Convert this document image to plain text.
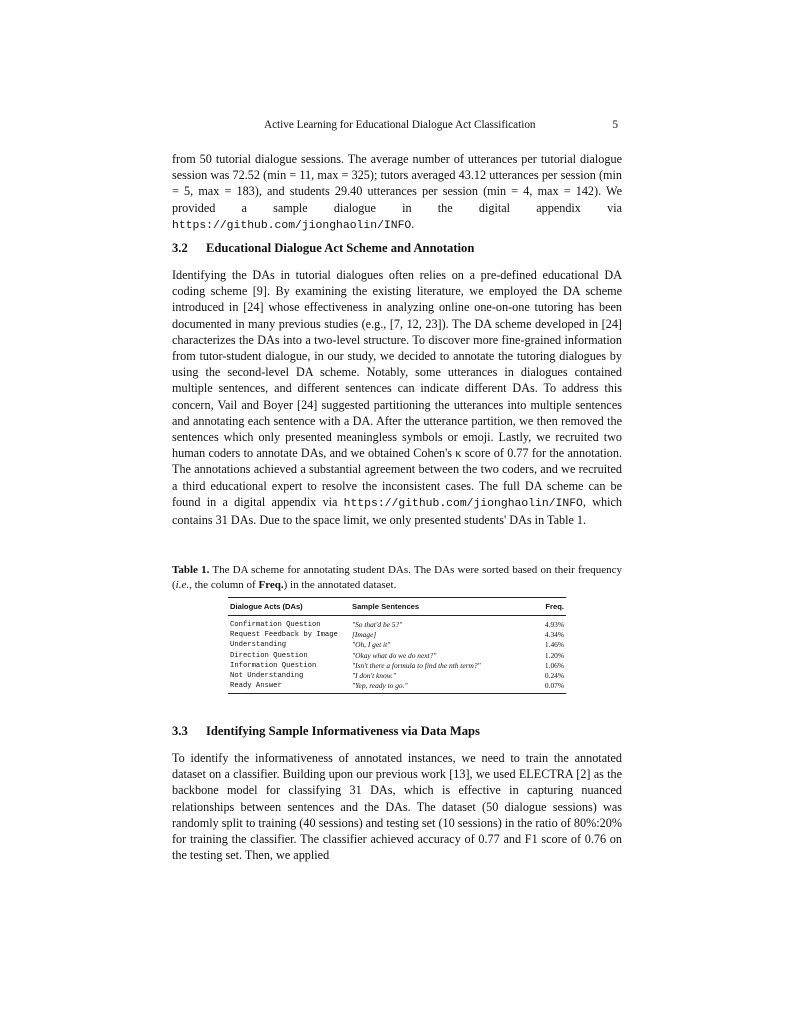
Active Learning for Educational Dialogue Act Classification	5
from 50 tutorial dialogue sessions. The average number of utterances per tutorial dialogue session was 72.52 (min = 11, max = 325); tutors averaged 43.12 utterances per session (min = 5, max = 183), and students 29.40 utterances per session (min = 4, max = 142). We provided a sample dialogue in the digital appendix via https://github.com/jionghaolin/INFO.
3.2 Educational Dialogue Act Scheme and Annotation
Identifying the DAs in tutorial dialogues often relies on a pre-defined educational DA coding scheme [9]. By examining the existing literature, we employed the DA scheme introduced in [24] whose effectiveness in analyzing online one-on-one tutoring has been documented in many previous studies (e.g., [7, 12, 23]). The DA scheme developed in [24] characterizes the DAs into a two-level structure. To discover more fine-grained information from tutor-student dialogue, in our study, we decided to annotate the tutoring dialogues by using the second-level DA scheme. Notably, some utterances in dialogues contained multiple sentences, and different sentences can indicate different DAs. To address this concern, Vail and Boyer [24] suggested partitioning the utterances into multiple sentences and annotating each sentence with a DA. After the utterance partition, we then removed the sentences which only presented meaningless symbols or emoji. Lastly, we recruited two human coders to annotate DAs, and we obtained Cohen's κ score of 0.77 for the annotation. The annotations achieved a substantial agreement between the two coders, and we recruited a third educational expert to resolve the inconsistent cases. The full DA scheme can be found in a digital appendix via https://github.com/jionghaolin/INFO, which contains 31 DAs. Due to the space limit, we only presented students' DAs in Table 1.
Table 1. The DA scheme for annotating student DAs. The DAs were sorted based on their frequency (i.e., the column of Freq.) in the annotated dataset.
Dialogue Acts (DAs)	Sample Sentences	Freq.
Confirmation Question	"So that'd be 5?"	4.93%
Request Feedback by Image	[Image]	4.34%
Understanding	"Oh, I get it"	1.46%
Direction Question	"Okay what do we do next?"	1.20%
Information Question	"Isn't there a formula to find the nth term?"	1.06%
Not Understanding	"I don't know."	0.24%
Ready Answer	"Yep, ready to go."	0.07%
3.3 Identifying Sample Informativeness via Data Maps
To identify the informativeness of annotated instances, we need to train the annotated dataset on a classifier. Building upon our previous work [13], we used ELECTRA [2] as the backbone model for classifying 31 DAs, which is effective in capturing nuanced relationships between sentences and the DAs. The dataset (50 dialogue sessions) was randomly split to training (40 sessions) and testing set (10 sessions) in the ratio of 80%:20% for training the classifier. The classifier achieved accuracy of 0.77 and F1 score of 0.76 on the testing set. Then, we applied
